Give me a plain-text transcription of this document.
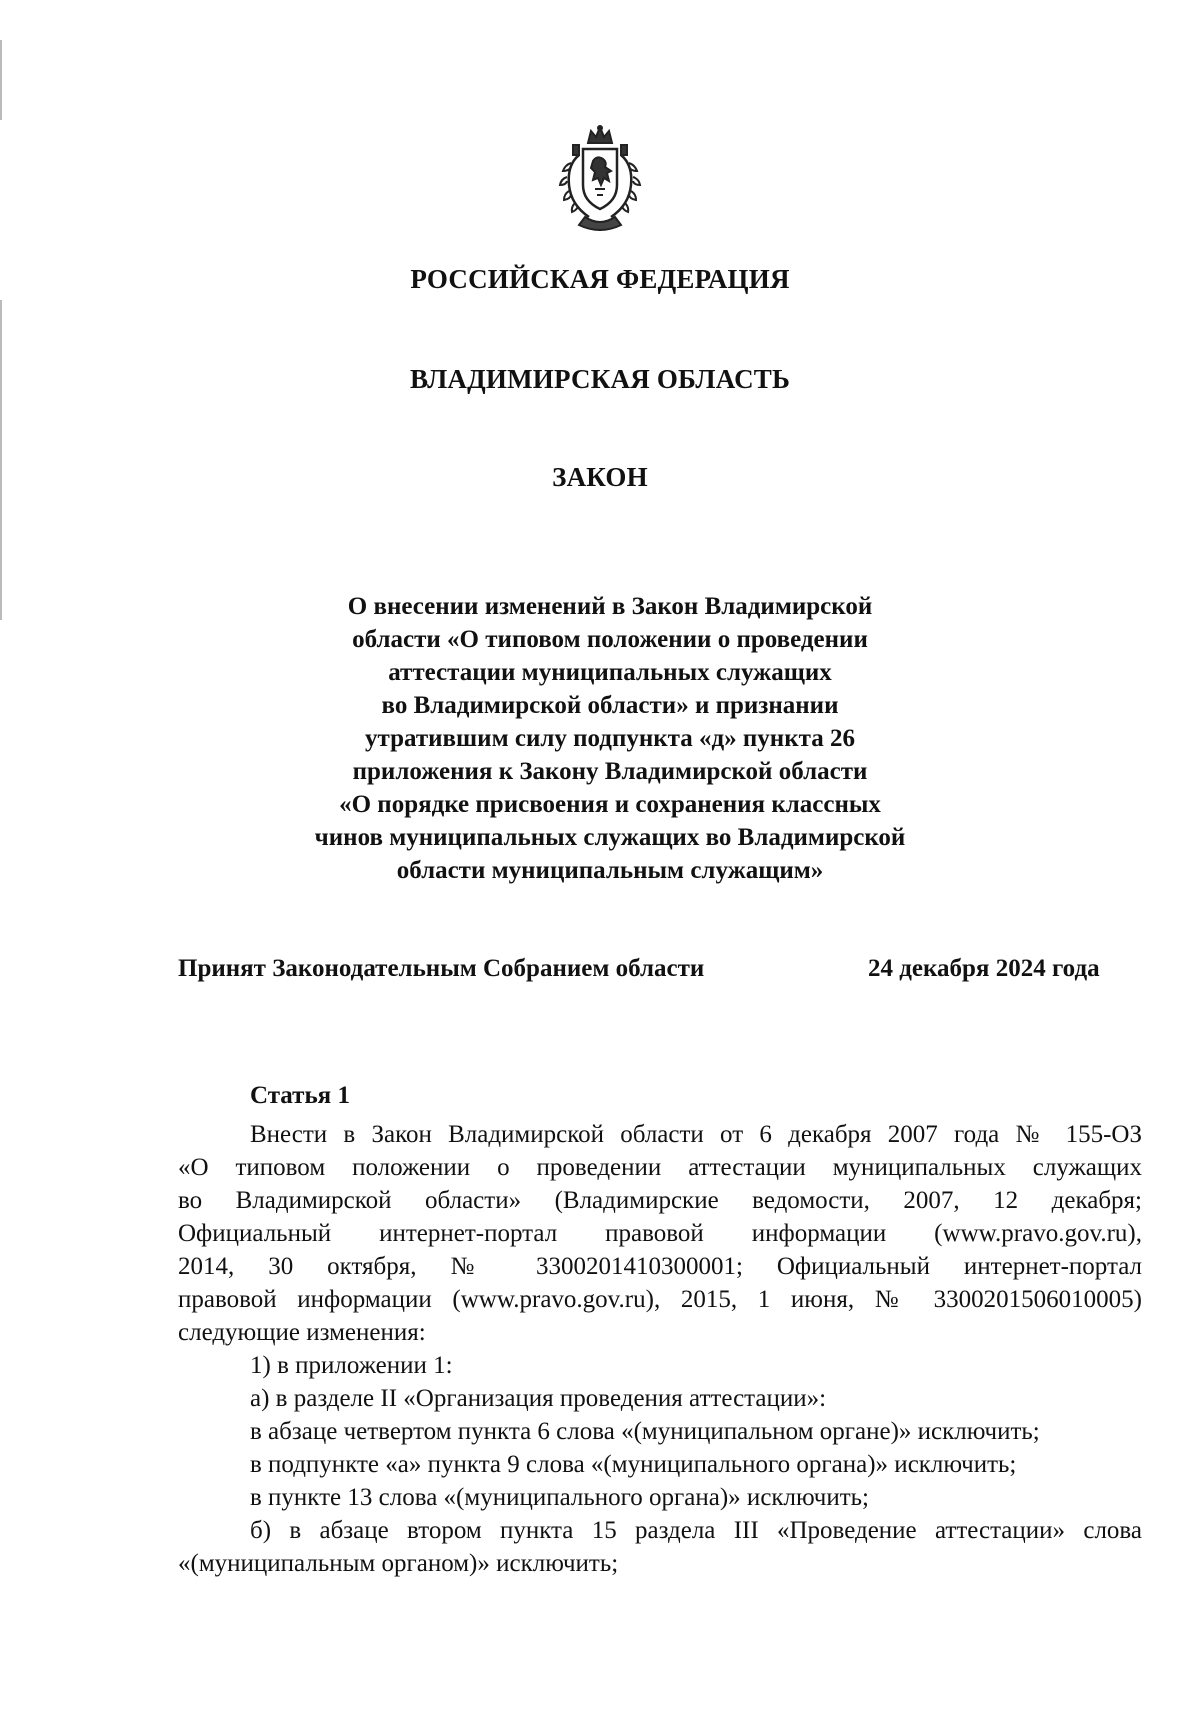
РОССИЙСКАЯ ФЕДЕРАЦИЯ
ВЛАДИМИРСКАЯ ОБЛАСТЬ
ЗАКОН
О внесении изменений в Закон Владимирской
области «О типовом положении о проведении
аттестации муниципальных служащих
во Владимирской области» и признании
утратившим силу подпункта «д» пункта 26
приложения к Закону Владимирской области
«О порядке присвоения и сохранения классных
чинов муниципальных служащих во Владимирской
области муниципальным служащим»
Принят Законодательным Собранием области	24 декабря 2024 года
Статья 1
Внести в Закон Владимирской области от 6 декабря 2007 года № 155-ОЗ
«О типовом положении о проведении аттестации муниципальных служащих
во Владимирской области» (Владимирские ведомости, 2007, 12 декабря;
Официальный интернет-портал правовой информации (www.pravo.gov.ru),
2014, 30 октября, № 3300201410300001; Официальный интернет-портал
правовой информации (www.pravo.gov.ru), 2015, 1 июня, № 3300201506010005)
следующие изменения:
1) в приложении 1:
а) в разделе II «Организация проведения аттестации»:
в абзаце четвертом пункта 6 слова «(муниципальном органе)» исключить;
в подпункте «а» пункта 9 слова «(муниципального органа)» исключить;
в пункте 13 слова «(муниципального органа)» исключить;
б) в абзаце втором пункта 15 раздела III «Проведение аттестации» слова
«(муниципальным органом)» исключить;
